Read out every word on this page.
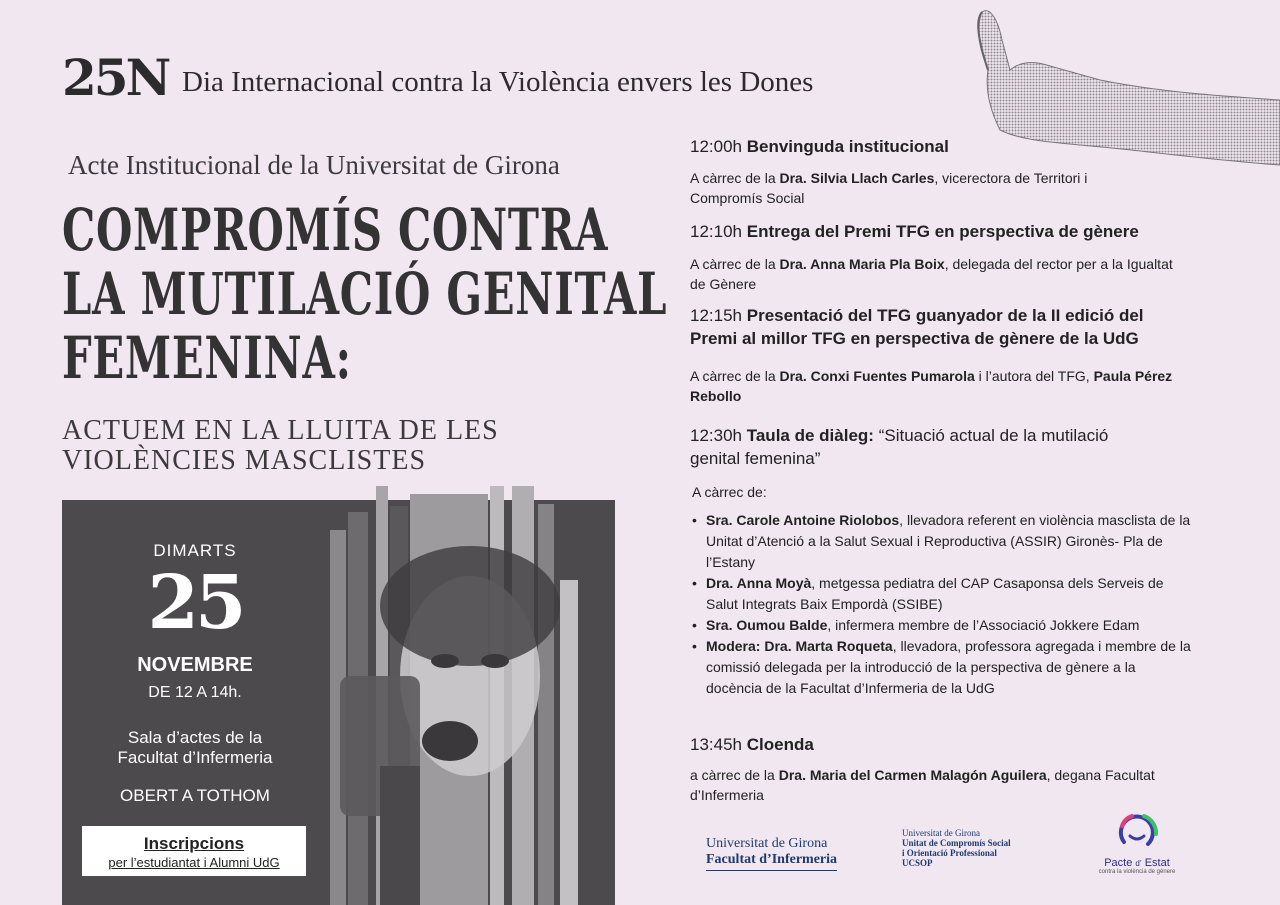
25N Dia Internacional contra la Violència envers les Dones
Acte Institucional de la Universitat de Girona
COMPROMÍS CONTRA
LA MUTILACIÓ GENITAL
FEMENINA:
ACTUEM EN LA LLUITA DE LES
VIOLÈNCIES MASCLISTES
DIMARTS
25
NOVEMBRE
DE 12 A 14h.
Sala d’actes de la
Facultat d’Infermeria
OBERT A TOTHOM
Inscripcions
per l’estudiantat i Alumni UdG
12:00h Benvinguda institucional
A càrrec de la Dra. Silvia Llach Carles, vicerectora de Territori i Compromís Social
12:10h Entrega del Premi TFG en perspectiva de gènere
A càrrec de la Dra. Anna Maria Pla Boix, delegada del rector per a la Igualtat de Gènere
12:15h Presentació del TFG guanyador de la II edició del
Premi al millor TFG en perspectiva de gènere de la UdG
A càrrec de la Dra. Conxi Fuentes Pumarola i l’autora del TFG, Paula Pérez Rebollo
12:30h Taula de diàleg: “Situació actual de la mutilació
genital femenina”
A càrrec de:
• Sra. Carole Antoine Riolobos, llevadora referent en violència masclista de la Unitat d’Atenció a la Salut Sexual i Reproductiva (ASSIR) Gironès- Pla de l’Estany
• Dra. Anna Moyà, metgessa pediatra del CAP Casaponsa dels Serveis de Salut Integrats Baix Empordà (SSIBE)
• Sra. Oumou Balde, infermera membre de l’Associació Jokkere Edam
• Modera: Dra. Marta Roqueta, llevadora, professora agregada i membre de la comissió delegada per la introducció de la perspectiva de gènere a la docència de la Facultat d’Infermeria de la UdG
13:45h Cloenda
a càrrec de la Dra. Maria del Carmen Malagón Aguilera, degana Facultat d’Infermeria
Universitat de Girona
Facultat d’Infermeria
Universitat de Girona
Unitat de Compromís Social
i Orientació Professional
UCSOP	Pacte d’ Estat
contra la violència de gènere
